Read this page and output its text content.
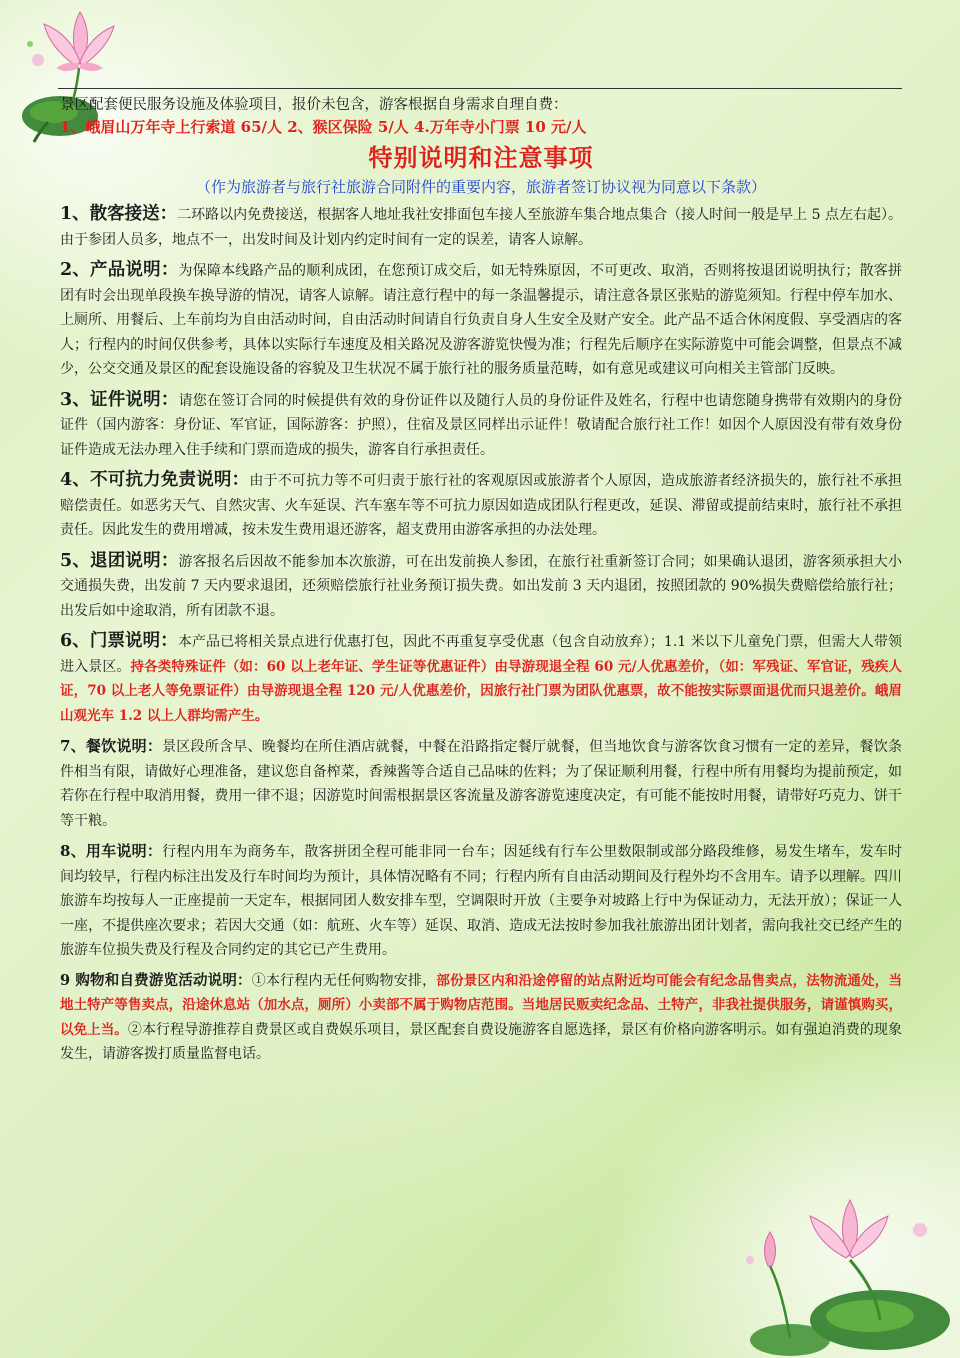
景区配套便民服务设施及体验项目，报价未包含，游客根据自身需求自理自费：
1、峨眉山万年寺上行索道 65/人 2、猴区保险 5/人 4.万年寺小门票 10 元/人
特别说明和注意事项
（作为旅游者与旅行社旅游合同附件的重要内容，旅游者签订协议视为同意以下条款）
1、散客接送：二环路以内免费接送，根据客人地址我社安排面包车接人至旅游车集合地点集合（接人时间一般是早上 5 点左右起）。由于参团人员多，地点不一，出发时间及计划内约定时间有一定的误差，请客人谅解。
2、产品说明：为保障本线路产品的顺利成团，在您预订成交后，如无特殊原因，不可更改、取消，否则将按退团说明执行；散客拼团有时会出现单段换车换导游的情况，请客人谅解。请注意行程中的每一条温馨提示，请注意各景区张贴的游览须知。行程中停车加水、上厕所、用餐后、上车前均为自由活动时间，自由活动时间请自行负责自身人生安全及财产安全。此产品不适合休闲度假、享受酒店的客人；行程内的时间仅供参考，具体以实际行车速度及相关路况及游客游览快慢为准；行程先后顺序在实际游览中可能会调整，但景点不减少，公交交通及景区的配套设施设备的容貌及卫生状况不属于旅行社的服务质量范畴，如有意见或建议可向相关主管部门反映。
3、证件说明：请您在签订合同的时候提供有效的身份证件以及随行人员的身份证件及姓名，行程中也请您随身携带有效期内的身份证件（国内游客：身份证、军官证，国际游客：护照），住宿及景区同样出示证件！敬请配合旅行社工作！如因个人原因没有带有效身份证件造成无法办理入住手续和门票而造成的损失，游客自行承担责任。
4、不可抗力免责说明：由于不可抗力等不可归责于旅行社的客观原因或旅游者个人原因，造成旅游者经济损失的，旅行社不承担赔偿责任。如恶劣天气、自然灾害、火车延误、汽车塞车等不可抗力原因如造成团队行程更改，延误、滞留或提前结束时，旅行社不承担责任。因此发生的费用增减，按未发生费用退还游客，超支费用由游客承担的办法处理。
5、退团说明：游客报名后因故不能参加本次旅游，可在出发前换人参团，在旅行社重新签订合同；如果确认退团，游客须承担大小交通损失费，出发前 7 天内要求退团，还须赔偿旅行社业务预订损失费。如出发前 3 天内退团，按照团款的 90%损失费赔偿给旅行社；出发后如中途取消，所有团款不退。
6、门票说明：本产品已将相关景点进行优惠打包，因此不再重复享受优惠（包含自动放弃）；1.1 米以下儿童免门票，但需大人带领进入景区。持各类特殊证件（如：60 以上老年证、学生证等优惠证件）由导游现退全程 60 元/人优惠差价，（如：军残证、军官证，残疾人证，70 以上老人等免票证件）由导游现退全程 120 元/人优惠差价，因旅行社门票为团队优惠票，故不能按实际票面退优而只退差价。峨眉山观光车 1.2 以上人群均需产生。
7、餐饮说明：景区段所含早、晚餐均在所住酒店就餐，中餐在沿路指定餐厅就餐，但当地饮食与游客饮食习惯有一定的差异，餐饮条件相当有限，请做好心理准备，建议您自备榨菜，香辣酱等合适自己品味的佐料；为了保证顺利用餐，行程中所有用餐均为提前预定，如若你在行程中取消用餐，费用一律不退；因游览时间需根据景区客流量及游客游览速度决定，有可能不能按时用餐，请带好巧克力、饼干等干粮。
8、用车说明：行程内用车为商务车，散客拼团全程可能非同一台车；因延线有行车公里数限制或部分路段维修，易发生堵车，发车时间均较早，行程内标注出发及行车时间均为预计，具体情况略有不同；行程内所有自由活动期间及行程外均不含用车。请予以理解。四川旅游车均按每人一正座提前一天定车，根据同团人数安排车型，空调限时开放（主要争对坡路上行中为保证动力，无法开放）；保证一人一座，不提供座次要求；若因大交通（如：航班、火车等）延误、取消、造成无法按时参加我社旅游出团计划者，需向我社交已经产生的旅游车位损失费及行程及合同约定的其它已产生费用。
9 购物和自费游览活动说明：①本行程内无任何购物安排，部份景区内和沿途停留的站点附近均可能会有纪念品售卖点，法物流通处，当地土特产等售卖点，沿途休息站（加水点，厕所）小卖部不属于购物店范围。当地居民贩卖纪念品、土特产，非我社提供服务，请谨慎购买，以免上当。②本行程导游推荐自费景区或自费娱乐项目，景区配套自费设施游客自愿选择，景区有价格向游客明示。如有强迫消费的现象发生，请游客拨打质量监督电话。
